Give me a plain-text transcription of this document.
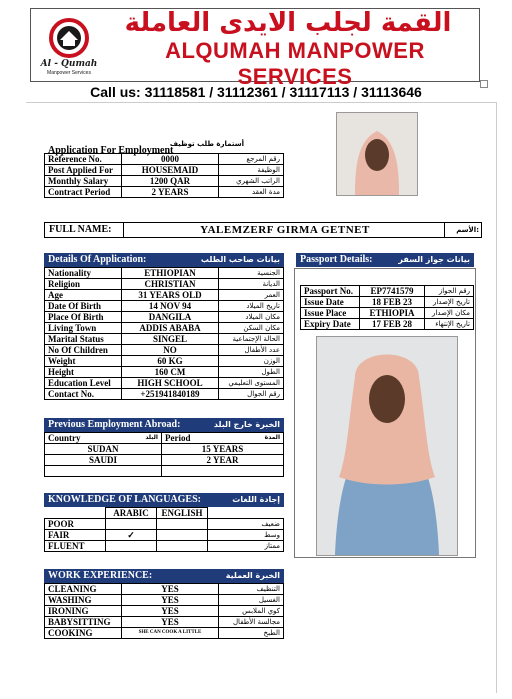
Al - Qumah
Manpower Services
القمة لجلب الايدى العاملة
ALQUMAH MANPOWER SERVICES
Call us: 31118581 / 31112361 / 31117113 / 31113646
Application For Employment
أستمارة طلب توظيف
Reference No.	0000	رقم المرجع
Post Applied For	HOUSEMAID	الوظيفة
Monthly Salary	1200 QAR	الراتب الشهري
Contract Period	2 YEARS	مدة العقد
FULL NAME:	YALEMZERF GIRMA GETNET	الأسم:
Details Of Application:	بيانات صاحب الطلب
Nationality	ETHIOPIAN	الجنسية
Religion	CHRISTIAN	الديانة
Age	31 YEARS OLD	العمر
Date Of Birth	14 NOV 94	تاريخ الميلاد
Place Of Birth	DANGILA	مكان الميلاد
Living Town	ADDIS ABABA	مكان السكن
Marital Status	SINGEL	الحالة الإجتماعية
No Of Children	NO	عدد الأطفال
Weight	60 KG	الوزن
Height	160 CM	الطول
Education Level	HIGH SCHOOL	المستوى التعليمي
Contact No.	+251941840189	رقم الجوال
Passport Details:	بيانات جواز السفر
Passport No.	EP7741579	رقم الجواز
Issue Date	18 FEB 23	تاريخ الإصدار
Issue Place	ETHIOPIA	مكان الإصدار
Expiry Date	17 FEB 28	تاريخ الإنتهاء
Previous Employment Abroad:	الخبرة خارج البلد
Country البلد	Period المدة

SUDAN	15 YEARS
SAUDI	2 YEAR

KNOWLEDGE OF LANGUAGES:	إجادة اللغات
	ARABIC	ENGLISH	
POOR			ضعيف
FAIR	✓		وسط
FLUENT			ممتاز
WORK EXPERIENCE:	الخبرة العملية
CLEANING	YES	التنظيف
WASHING	YES	الغسيل
IRONING	YES	كوي الملابس
BABYSITTING	YES	مجالسة الأطفال
COOKING	SHE CAN COOK A LITTLE	الطبخ
